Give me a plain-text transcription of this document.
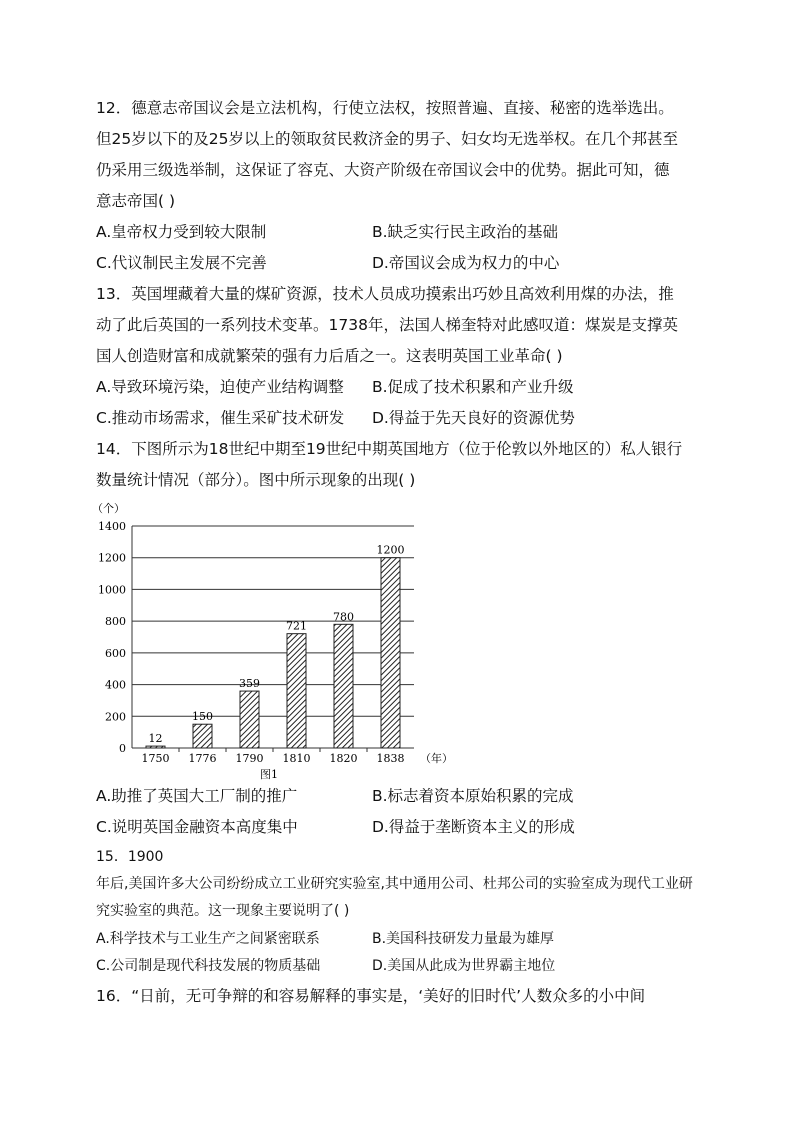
12．德意志帝国议会是立法机构，行使立法权，按照普遍、直接、秘密的选举选出。
但25岁以下的及25岁以上的领取贫民救济金的男子、妇女均无选举权。在几个邦甚至
仍采用三级选举制，这保证了容克、大资产阶级在帝国议会中的优势。据此可知，德
意志帝国( )
A.皇帝权力受到较大限制	B.缺乏实行民主政治的基础
C.代议制民主发展不完善	D.帝国议会成为权力的中心
13．英国埋藏着大量的煤矿资源，技术人员成功摸索出巧妙且高效利用煤的办法，推
动了此后英国的一系列技术变革。1738年，法国人梯奎特对此感叹道：煤炭是支撑英
国人创造财富和成就繁荣的强有力后盾之一。这表明英国工业革命( )
A.导致环境污染，迫使产业结构调整 B.促成了技术积累和产业升级
C.推动市场需求，催生采矿技术研发 D.得益于先天良好的资源优势
14．下图所示为18世纪中期至19世纪中期英国地方（位于伦敦以外地区的）私人银行
数量统计情况（部分）。图中所示现象的出现( )
（个）
0
200
400
600
800
1000
1200
1400
12
150
359
721
780
1200
1750 1776 1790 1810 1820 1838 （年）
图1
A.助推了英国大工厂制的推广	B.标志着资本原始积累的完成
C.说明英国金融资本高度集中	D.得益于垄断资本主义的形成
15．1900
年后,美国许多大公司纷纷成立工业研究实验室,其中通用公司、杜邦公司的实验室成为现代工业研
究实验室的典范。这一现象主要说明了( )
A.科学技术与工业生产之间紧密联系	B.美国科技研发力量最为雄厚
C.公司制是现代科技发展的物质基础	D.美国从此成为世界霸主地位
16．“日前，无可争辩的和容易解释的事实是，‘美好的旧时代’人数众多的小中间
